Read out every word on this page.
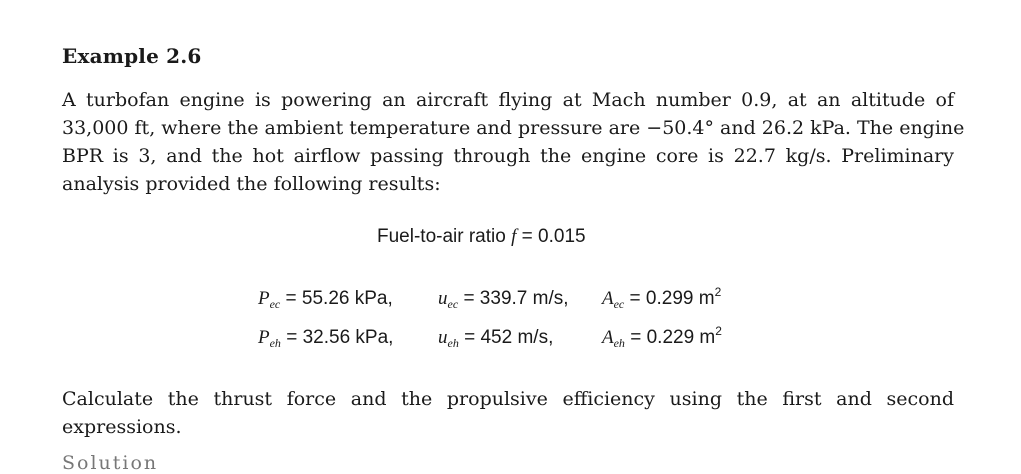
Example 2.6
A turbofan engine is powering an aircraft flying at Mach number 0.9, at an altitude of
33,000 ft, where the ambient temperature and pressure are −50.4° and 26.2 kPa. The engine
BPR is 3, and the hot airflow passing through the engine core is 22.7 kg/s. Preliminary
analysis provided the following results:
Fuel-to-air ratio f = 0.015
$P_{ec} = 55.26$ kPa, $u_{ec} = 339.7$ m/s, $A_{ec} = 0.299$ $m^2$
$P_{eh} = 32.56$ kPa, $u_{eh} = 452$ m/s,	$A_{eh} = 0.229$ $m^2$
Calculate the thrust force and the propulsive efficiency using the first and second
expressions.
Solution
